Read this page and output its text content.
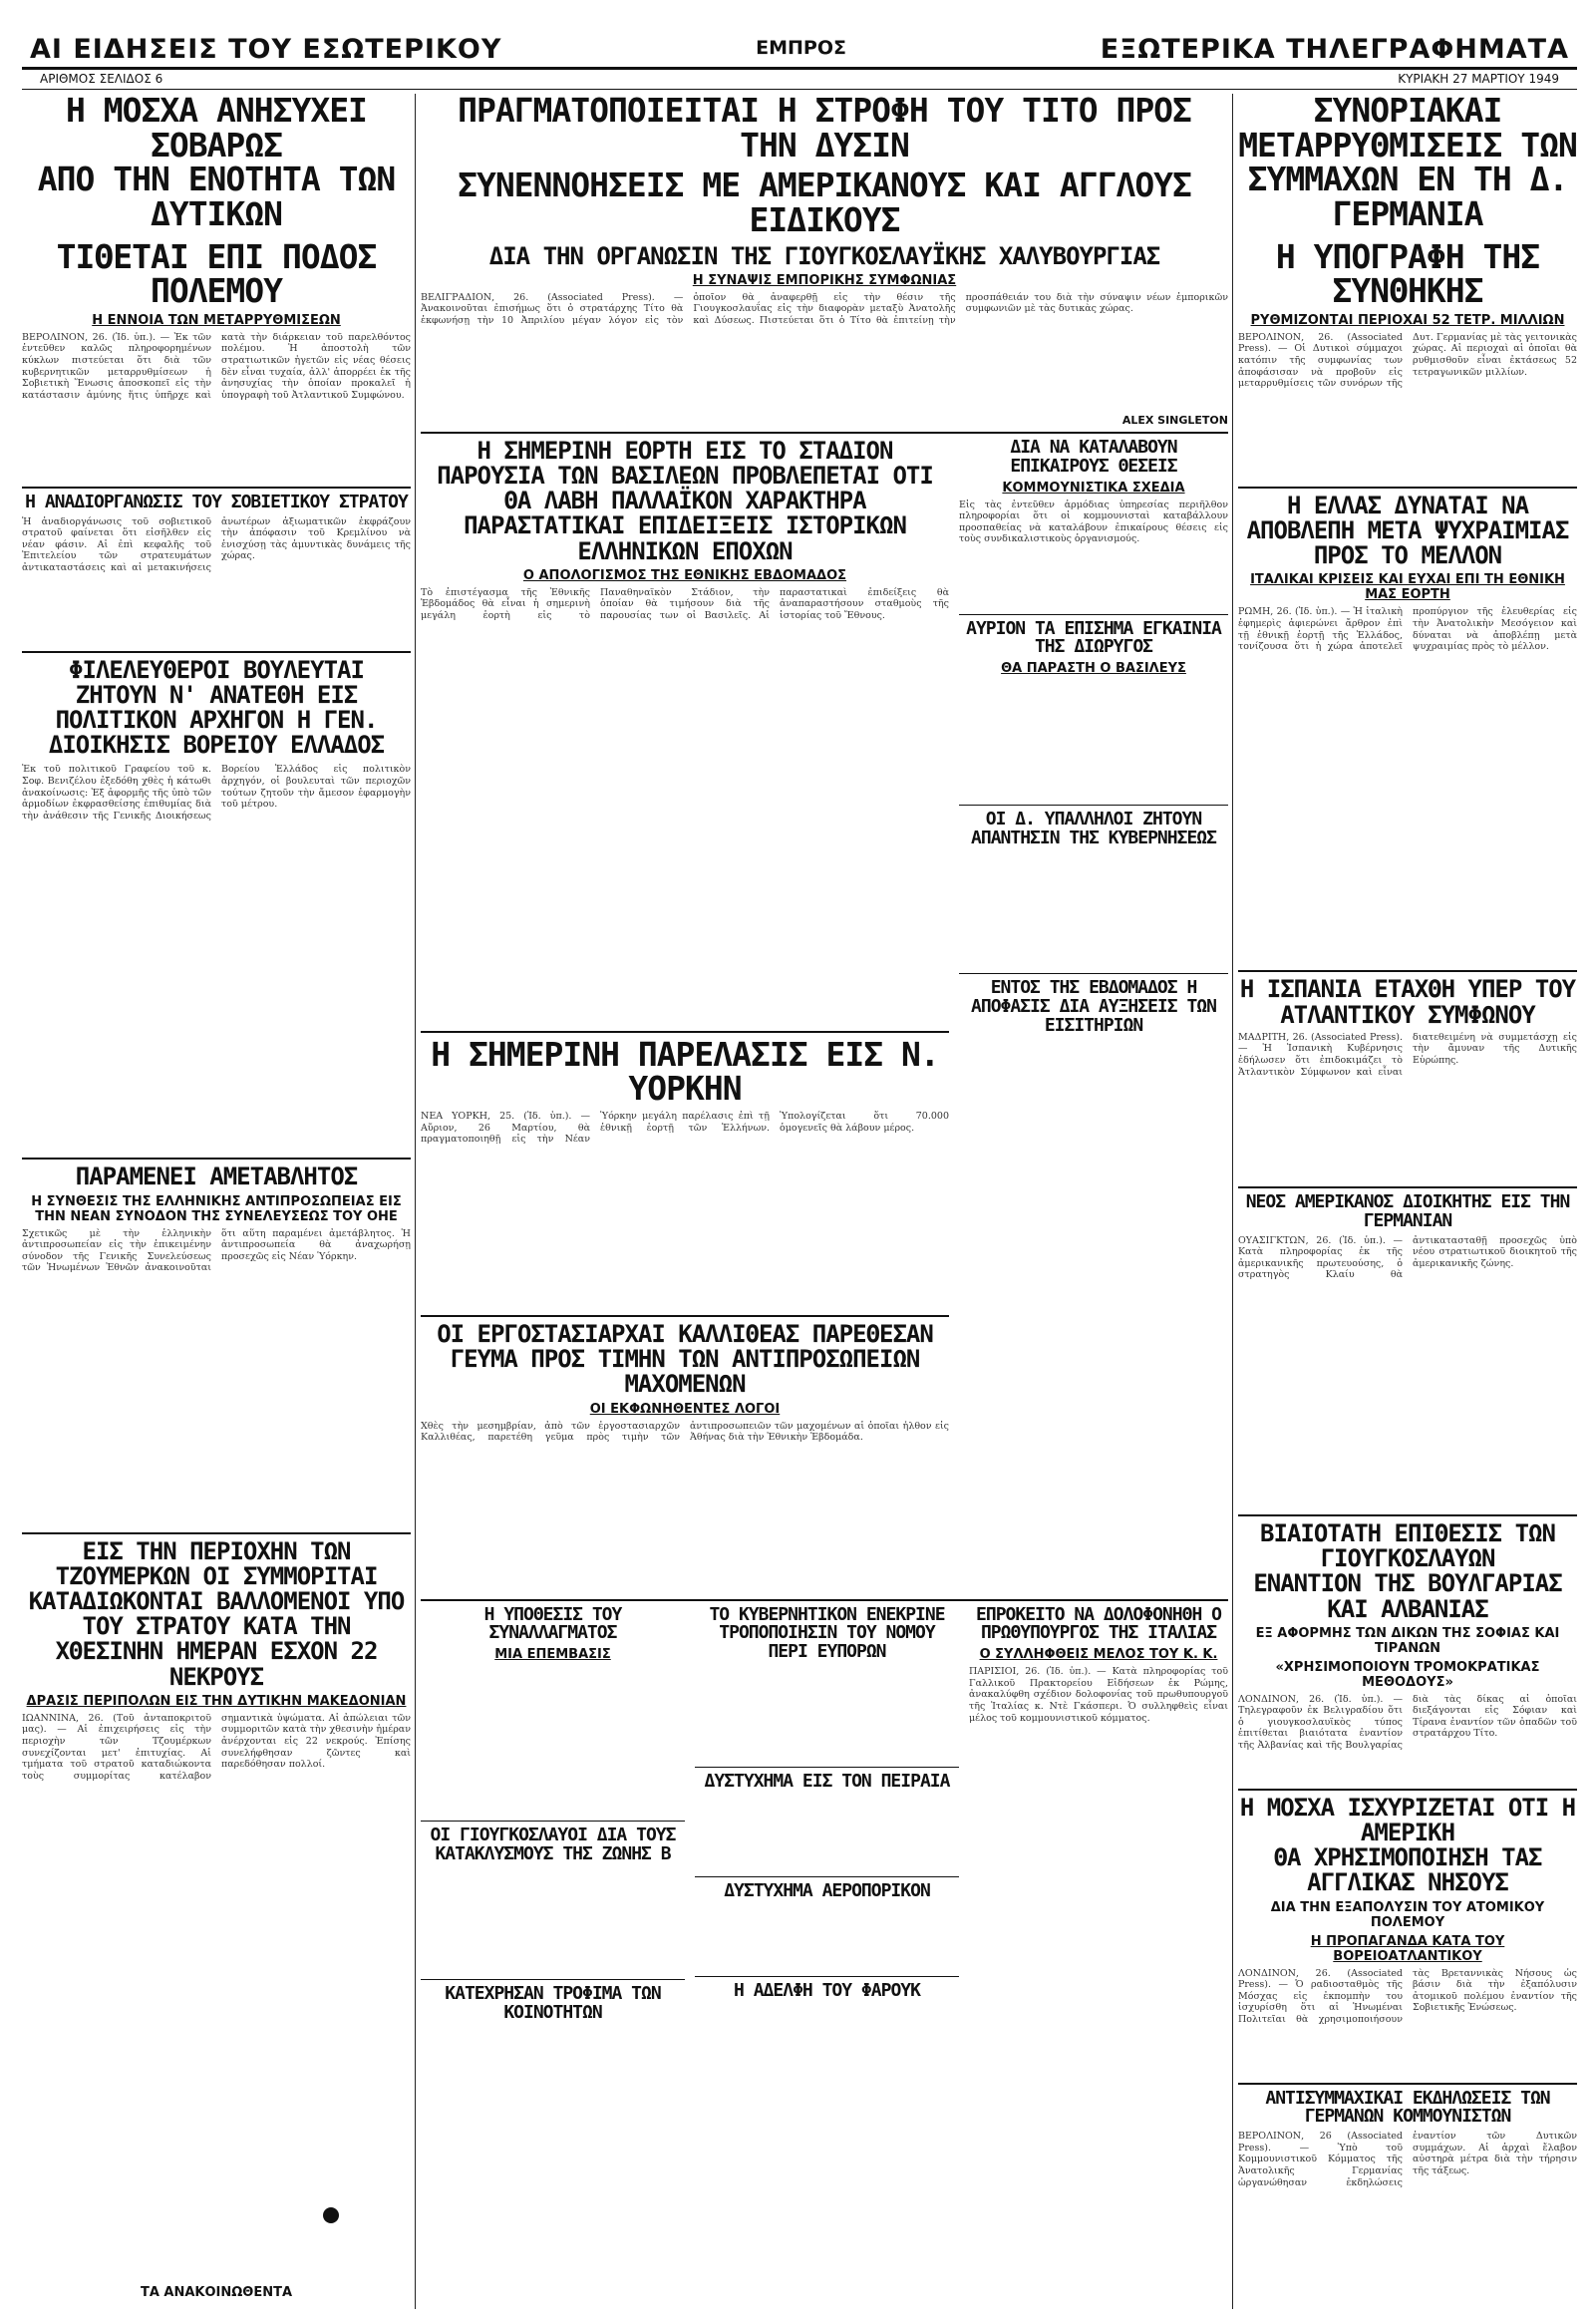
ΑΙ ΕΙΔΗΣΕΙΣ ΤΟΥ ΕΣΩΤΕΡΙΚΟΥ	ΕΜΠΡΟΣ	ΕΞΩΤΕΡΙΚΑ ΤΗΛΕΓΡΑΦΗΜΑΤΑ
ΑΡΙΘΜΟΣ ΣΕΛΙΔΟΣ 6	ΚΥΡΙΑΚΗ 27 ΜΑΡΤΙΟΥ 1949
Η ΜΟΣΧΑ ΑΝΗΣΥΧΕΙ ΣΟΒΑΡΩΣ
ΑΠΟ ΤΗΝ ΕΝΟΤΗΤΑ ΤΩΝ ΔΥΤΙΚΩΝ
ΤΙΘΕΤΑΙ ΕΠΙ ΠΟΔΟΣ ΠΟΛΕΜΟΥ
Η ΕΝΝΟΙΑ ΤΩΝ ΜΕΤΑΡΡΥΘΜΙΣΕΩΝ
ΒΕΡΟΛΙΝΟΝ, 26. (Ἰδ. ὑπ.). — Ἐκ τῶν ἐντεῦθεν καλῶς πληροφορημένων κύκλων πιστεύεται ὅτι διὰ τῶν κυβερνητικῶν μεταρρυθμίσεων ἡ Σοβιετικὴ Ἕνωσις ἀποσκοπεῖ εἰς τὴν κατάστασιν ἀμύνης ἥτις ὑπῆρχε καὶ κατὰ τὴν διάρκειαν τοῦ παρελθόντος πολέμου. Ἡ ἀποστολὴ τῶν στρατιωτικῶν ἡγετῶν εἰς νέας θέσεις δὲν εἶναι τυχαία, ἀλλ' ἀπορρέει ἐκ τῆς ἀνησυχίας τὴν ὁποίαν προκαλεῖ ἡ ὑπογραφὴ τοῦ Ἀτλαντικοῦ Συμφώνου.
Η ΑΝΑΔΙΟΡΓΑΝΩΣΙΣ ΤΟΥ ΣΟΒΙΕΤΙΚΟΥ ΣΤΡΑΤΟΥ
Ἡ ἀναδιοργάνωσις τοῦ σοβιετικοῦ στρατοῦ φαίνεται ὅτι εἰσῆλθεν εἰς νέαν φάσιν. Αἱ ἐπὶ κεφαλῆς τοῦ Ἐπιτελείου τῶν στρατευμάτων ἀντικαταστάσεις καὶ αἱ μετακινήσεις ἀνωτέρων ἀξιωματικῶν ἐκφράζουν τὴν ἀπόφασιν τοῦ Κρεμλίνου νὰ ἐνισχύσῃ τὰς ἀμυντικὰς δυνάμεις τῆς χώρας.
ΦΙΛΕΛΕΥΘΕΡΟΙ ΒΟΥΛΕΥΤΑΙ ΖΗΤΟΥΝ Ν' ΑΝΑΤΕΘΗ ΕΙΣ ΠΟΛΙΤΙΚΟΝ ΑΡΧΗΓΟΝ Η ΓΕΝ. ΔΙΟΙΚΗΣΙΣ ΒΟΡΕΙΟΥ ΕΛΛΑΔΟΣ
Ἐκ τοῦ πολιτικοῦ Γραφείου τοῦ κ. Σοφ. Βενιζέλου ἐξεδόθη χθὲς ἡ κάτωθι ἀνακοίνωσις: Ἐξ ἀφορμῆς τῆς ὑπὸ τῶν ἁρμοδίων ἐκφρασθείσης ἐπιθυμίας διὰ τὴν ἀνάθεσιν τῆς Γενικῆς Διοικήσεως Βορείου Ἑλλάδος εἰς πολιτικὸν ἀρχηγόν, οἱ βουλευταὶ τῶν περιοχῶν τούτων ζητοῦν τὴν ἄμεσον ἐφαρμογὴν τοῦ μέτρου.
ΠΑΡΑΜΕΝΕΙ ΑΜΕΤΑΒΛΗΤΟΣ
Η ΣΥΝΘΕΣΙΣ ΤΗΣ ΕΛΛΗΝΙΚΗΣ ΑΝΤΙΠΡΟΣΩΠΕΙΑΣ ΕΙΣ ΤΗΝ ΝΕΑΝ ΣΥΝΟΔΟΝ ΤΗΣ ΣΥΝΕΛΕΥΣΕΩΣ ΤΟΥ ΟΗΕ
Σχετικῶς μὲ τὴν ἑλληνικὴν ἀντιπροσωπείαν εἰς τὴν ἐπικειμένην σύνοδον τῆς Γενικῆς Συνελεύσεως τῶν Ἡνωμένων Ἐθνῶν ἀνακοινοῦται ὅτι αὕτη παραμένει ἀμετάβλητος. Ἡ ἀντιπροσωπεία θὰ ἀναχωρήσῃ προσεχῶς εἰς Νέαν Ὑόρκην.
ΕΙΣ ΤΗΝ ΠΕΡΙΟΧΗΝ ΤΩΝ ΤΖΟΥΜΕΡΚΩΝ ΟΙ ΣΥΜΜΟΡΙΤΑΙ ΚΑΤΑΔΙΩΚΟΝΤΑΙ ΒΑΛΛΟΜΕΝΟΙ ΥΠΟ ΤΟΥ ΣΤΡΑΤΟΥ ΚΑΤΑ ΤΗΝ ΧΘΕΣΙΝΗΝ ΗΜΕΡΑΝ ΕΣΧΟΝ 22 ΝΕΚΡΟΥΣ
ΔΡΑΣΙΣ ΠΕΡΙΠΟΛΩΝ ΕΙΣ ΤΗΝ ΔΥΤΙΚΗΝ ΜΑΚΕΔΟΝΙΑΝ
ΙΩΑΝΝΙΝΑ, 26. (Τοῦ ἀνταποκριτοῦ μας). — Αἱ ἐπιχειρήσεις εἰς τὴν περιοχὴν τῶν Τζουμέρκων συνεχίζονται μετ' ἐπιτυχίας. Αἱ τμήματα τοῦ στρατοῦ καταδιώκοντα τοὺς συμμορίτας κατέλαβον σημαντικὰ ὑψώματα. Αἱ ἀπώλειαι τῶν συμμοριτῶν κατὰ τὴν χθεσινὴν ἡμέραν ἀνέρχονται εἰς 22 νεκρούς. Ἐπίσης συνελήφθησαν ζῶντες καὶ παρεδόθησαν πολλοί.
ΤΑ ΑΝΑΚΟΙΝΩΘΕΝΤΑ
ΠΡΑΓΜΑΤΟΠΟΙΕΙΤΑΙ Η ΣΤΡΟΦΗ ΤΟΥ ΤΙΤΟ ΠΡΟΣ ΤΗΝ ΔΥΣΙΝ
ΣΥΝΕΝΝΟΗΣΕΙΣ ΜΕ ΑΜΕΡΙΚΑΝΟΥΣ ΚΑΙ ΑΓΓΛΟΥΣ ΕΙΔΙΚΟΥΣ
ΔΙΑ ΤΗΝ ΟΡΓΑΝΩΣΙΝ ΤΗΣ ΓΙΟΥΓΚΟΣΛΑΥΪΚΗΣ ΧΑΛΥΒΟΥΡΓΙΑΣ
Η ΣΥΝΑΨΙΣ ΕΜΠΟΡΙΚΗΣ ΣΥΜΦΩΝΙΑΣ
ΒΕΛΙΓΡΑΔΙΟΝ, 26. (Associated Press). — Ἀνακοινοῦται ἐπισήμως ὅτι ὁ στρατάρχης Τίτο θὰ ἐκφωνήσῃ τὴν 10 Ἀπριλίου μέγαν λόγον εἰς τὸν ὁποῖον θὰ ἀναφερθῇ εἰς τὴν θέσιν τῆς Γιουγκοσλαυΐας εἰς τὴν διαφορὰν μεταξὺ Ἀνατολῆς καὶ Δύσεως. Πιστεύεται ὅτι ὁ Τίτο θὰ ἐπιτείνῃ τὴν προσπάθειάν του διὰ τὴν σύναψιν νέων ἐμπορικῶν συμφωνιῶν μὲ τὰς δυτικὰς χώρας.
ALEX SINGLETON
Η ΣΗΜΕΡΙΝΗ ΕΟΡΤΗ ΕΙΣ ΤΟ ΣΤΑΔΙΟΝ ΠΑΡΟΥΣΙΑ ΤΩΝ ΒΑΣΙΛΕΩΝ ΠΡΟΒΛΕΠΕΤΑΙ ΟΤΙ ΘΑ ΛΑΒΗ ΠΑΛΛΑΪΚΟΝ ΧΑΡΑΚΤΗΡΑ ΠΑΡΑΣΤΑΤΙΚΑΙ ΕΠΙΔΕΙΞΕΙΣ ΙΣΤΟΡΙΚΩΝ ΕΛΛΗΝΙΚΩΝ ΕΠΟΧΩΝ
Ο ΑΠΟΛΟΓΙΣΜΟΣ ΤΗΣ ΕΘΝΙΚΗΣ ΕΒΔΟΜΑΔΟΣ
Τὸ ἑπιστέγασμα τῆς Ἐθνικῆς Ἑβδομάδος θὰ εἶναι ἡ σημερινὴ μεγάλη ἑορτὴ εἰς τὸ Παναθηναϊκὸν Στάδιον, τὴν ὁποίαν θὰ τιμήσουν διὰ τῆς παρουσίας των οἱ Βασιλεῖς. Αἱ παραστατικαὶ ἐπιδείξεις θὰ ἀναπαραστήσουν σταθμοὺς τῆς ἱστορίας τοῦ Ἔθνους.
Η ΣΗΜΕΡΙΝΗ ΠΑΡΕΛΑΣΙΣ ΕΙΣ Ν. ΥΟΡΚΗΝ
ΝΕΑ ΥΟΡΚΗ, 25. (Ἰδ. ὑπ.). — Αὔριον, 26 Μαρτίου, θὰ πραγματοποιηθῇ εἰς τὴν Νέαν Ὑόρκην μεγάλη παρέλασις ἐπὶ τῇ ἐθνικῇ ἑορτῇ τῶν Ἑλλήνων. Ὑπολογίζεται ὅτι 70.000 ὁμογενεῖς θὰ λάβουν μέρος.
ΟΙ ΕΡΓΟΣΤΑΣΙΑΡΧΑΙ ΚΑΛΛΙΘΕΑΣ ΠΑΡΕΘΕΣΑΝ ΓΕΥΜΑ ΠΡΟΣ ΤΙΜΗΝ ΤΩΝ ΑΝΤΙΠΡΟΣΩΠΕΙΩΝ ΜΑΧΟΜΕΝΩΝ
ΟΙ ΕΚΦΩΝΗΘΕΝΤΕΣ ΛΟΓΟΙ
Χθὲς τὴν μεσημβρίαν, ἀπὸ τῶν ἐργοστασιαρχῶν Καλλιθέας, παρετέθη γεῦμα πρὸς τιμὴν τῶν ἀντιπροσωπειῶν τῶν μαχομένων αἱ ὁποῖαι ἦλθον εἰς Ἀθήνας διὰ τὴν Ἐθνικὴν Ἑβδομάδα.
ΔΙΑ ΝΑ ΚΑΤΑΛΑΒΟΥΝ ΕΠΙΚΑΙΡΟΥΣ ΘΕΣΕΙΣ
ΚΟΜΜΟΥΝΙΣΤΙΚΑ ΣΧΕΔΙΑ
Εἰς τὰς ἐντεῦθεν ἀρμόδιας ὑπηρεσίας περιῆλθον πληροφορίαι ὅτι οἱ κομμουνισταὶ καταβάλλουν προσπαθείας νὰ καταλάβουν ἐπικαίρους θέσεις εἰς τοὺς συνδικαλιστικοὺς ὀργανισμούς.
ΑΥΡΙΟΝ ΤΑ ΕΠΙΣΗΜΑ ΕΓΚΑΙΝΙΑ ΤΗΣ ΔΙΩΡΥΓΟΣ
ΘΑ ΠΑΡΑΣΤΗ Ο ΒΑΣΙΛΕΥΣ
ΟΙ Δ. ΥΠΑΛΛΗΛΟΙ ΖΗΤΟΥΝ ΑΠΑΝΤΗΣΙΝ ΤΗΣ ΚΥΒΕΡΝΗΣΕΩΣ
ΕΝΤΟΣ ΤΗΣ ΕΒΔΟΜΑΔΟΣ Η ΑΠΟΦΑΣΙΣ ΔΙΑ ΑΥΞΗΣΕΙΣ ΤΩΝ ΕΙΣΙΤΗΡΙΩΝ
Η ΥΠΟΘΕΣΙΣ ΤΟΥ ΣΥΝΑΛΛΑΓΜΑΤΟΣ
ΜΙΑ ΕΠΕΜΒΑΣΙΣ
ΟΙ ΓΙΟΥΓΚΟΣΛΑΥΟΙ ΔΙΑ ΤΟΥΣ ΚΑΤΑΚΛΥΣΜΟΥΣ ΤΗΣ ΖΩΝΗΣ Β
ΚΑΤΕΧΡΗΣΑΝ ΤΡΟΦΙΜΑ ΤΩΝ ΚΟΙΝΟΤΗΤΩΝ
ΤΟ ΚΥΒΕΡΝΗΤΙΚΟΝ ΕΝΕΚΡΙΝΕ ΤΡΟΠΟΠΟΙΗΣΙΝ ΤΟΥ ΝΟΜΟΥ ΠΕΡΙ ΕΥΠΟΡΩΝ
ΔΥΣΤΥΧΗΜΑ ΕΙΣ ΤΟΝ ΠΕΙΡΑΙΑ
ΔΥΣΤΥΧΗΜΑ ΑΕΡΟΠΟΡΙΚΟΝ
Η ΑΔΕΛΦΗ ΤΟΥ ΦΑΡΟΥΚ
ΕΠΡΟΚΕΙΤΟ ΝΑ ΔΟΛΟΦΟΝΗΘΗ Ο ΠΡΩΘΥΠΟΥΡΓΟΣ ΤΗΣ ΙΤΑΛΙΑΣ
Ο ΣΥΛΛΗΦΘΕΙΣ ΜΕΛΟΣ ΤΟΥ Κ. Κ.
ΠΑΡΙΣΙΟΙ, 26. (Ἰδ. ὑπ.). — Κατὰ πληροφορίας τοῦ Γαλλικοῦ Πρακτορείου Εἰδήσεων ἐκ Ρώμης, ἀνακαλύφθη σχέδιον δολοφονίας τοῦ πρωθυπουργοῦ τῆς Ἰταλίας κ. Ντὲ Γκάσπερι. Ὁ συλληφθεὶς εἶναι μέλος τοῦ κομμουνιστικοῦ κόμματος.
ΣΥΝΟΡΙΑΚΑΙ ΜΕΤΑΡΡΥΘΜΙΣΕΙΣ ΤΩΝ ΣΥΜΜΑΧΩΝ ΕΝ ΤΗ Δ. ΓΕΡΜΑΝΙΑ
Η ΥΠΟΓΡΑΦΗ ΤΗΣ ΣΥΝΘΗΚΗΣ
ΡΥΘΜΙΖΟΝΤΑΙ ΠΕΡΙΟΧΑΙ 52 ΤΕΤΡ. ΜΙΛΛΙΩΝ
ΒΕΡΟΛΙΝΟΝ, 26. (Associated Press). — Οἱ Δυτικοὶ σύμμαχοι κατόπιν τῆς συμφωνίας των ἀποφάσισαν νὰ προβοῦν εἰς μεταρρυθμίσεις τῶν συνόρων τῆς Δυτ. Γερμανίας μὲ τὰς γειτονικὰς χώρας. Αἱ περιοχαὶ αἱ ὁποῖαι θὰ ρυθμισθοῦν εἶναι ἐκτάσεως 52 τετραγωνικῶν μιλλίων.
Η ΕΛΛΑΣ ΔΥΝΑΤΑΙ ΝΑ ΑΠΟΒΛΕΠΗ ΜΕΤΑ ΨΥΧΡΑΙΜΙΑΣ ΠΡΟΣ ΤΟ ΜΕΛΛΟΝ
ΙΤΑΛΙΚΑΙ ΚΡΙΣΕΙΣ ΚΑΙ ΕΥΧΑΙ ΕΠΙ ΤΗ ΕΘΝΙΚΗ ΜΑΣ ΕΟΡΤΗ
ΡΩΜΗ, 26. (Ἰδ. ὑπ.). — Ἡ ἰταλικὴ ἐφημερὶς ἀφιερώνει ἄρθρον ἐπὶ τῇ ἐθνικῇ ἑορτῇ τῆς Ἑλλάδος, τονίζουσα ὅτι ἡ χώρα ἀποτελεῖ προπύργιον τῆς ἐλευθερίας εἰς τὴν Ἀνατολικὴν Μεσόγειον καὶ δύναται νὰ ἀποβλέπῃ μετὰ ψυχραιμίας πρὸς τὸ μέλλον.
Η ΙΣΠΑΝΙΑ ΕΤΑΧΘΗ ΥΠΕΡ ΤΟΥ ΑΤΛΑΝΤΙΚΟΥ ΣΥΜΦΩΝΟΥ
ΜΑΔΡΙΤΗ, 26. (Associated Press). — Ἡ Ἰσπανικὴ Κυβέρνησις ἐδήλωσεν ὅτι ἐπιδοκιμάζει τὸ Ἀτλαντικὸν Σύμφωνον καὶ εἶναι διατεθειμένη νὰ συμμετάσχῃ εἰς τὴν ἄμυναν τῆς Δυτικῆς Εὐρώπης.
ΝΕΟΣ ΑΜΕΡΙΚΑΝΟΣ ΔΙΟΙΚΗΤΗΣ ΕΙΣ ΤΗΝ ΓΕΡΜΑΝΙΑΝ
ΟΥΑΣΙΓΚΤΩΝ, 26. (Ἰδ. ὑπ.). — Κατὰ πληροφορίας ἐκ τῆς ἀμερικανικῆς πρωτευούσης, ὁ στρατηγὸς Κλαίυ θὰ ἀντικατασταθῇ προσεχῶς ὑπὸ νέου στρατιωτικοῦ διοικητοῦ τῆς ἀμερικανικῆς ζώνης.
ΒΙΑΙΟΤΑΤΗ ΕΠΙΘΕΣΙΣ ΤΩΝ ΓΙΟΥΓΚΟΣΛΑΥΩΝ
ΕΝΑΝΤΙΟΝ ΤΗΣ ΒΟΥΛΓΑΡΙΑΣ ΚΑΙ ΑΛΒΑΝΙΑΣ
ΕΞ ΑΦΟΡΜΗΣ ΤΩΝ ΔΙΚΩΝ ΤΗΣ ΣΟΦΙΑΣ ΚΑΙ ΤΙΡΑΝΩΝ
«ΧΡΗΣΙΜΟΠΟΙΟΥΝ ΤΡΟΜΟΚΡΑΤΙΚΑΣ ΜΕΘΟΔΟΥΣ»
ΛΟΝΔΙΝΟΝ, 26. (Ἰδ. ὑπ.). — Τηλεγραφοῦν ἐκ Βελιγραδίου ὅτι ὁ γιουγκοσλαυϊκὸς τύπος ἐπιτίθεται βιαιότατα ἐναντίον τῆς Ἀλβανίας καὶ τῆς Βουλγαρίας διὰ τὰς δίκας αἱ ὁποῖαι διεξάγονται εἰς Σόφιαν καὶ Τίρανα ἐναντίον τῶν ὀπαδῶν τοῦ στρατάρχου Τίτο.
Η ΜΟΣΧΑ ΙΣΧΥΡΙΖΕΤΑΙ ΟΤΙ Η ΑΜΕΡΙΚΗ
ΘΑ ΧΡΗΣΙΜΟΠΟΙΗΣΗ ΤΑΣ ΑΓΓΛΙΚΑΣ ΝΗΣΟΥΣ
ΔΙΑ ΤΗΝ ΕΞΑΠΟΛΥΣΙΝ ΤΟΥ ΑΤΟΜΙΚΟΥ ΠΟΛΕΜΟΥ
Η ΠΡΟΠΑΓΑΝΔΑ ΚΑΤΑ ΤΟΥ ΒΟΡΕΙΟΑΤΛΑΝΤΙΚΟΥ
ΛΟΝΔΙΝΟΝ, 26. (Associated Press). — Ὁ ραδιοσταθμὸς τῆς Μόσχας εἰς ἐκπομπὴν του ἰσχυρίσθη ὅτι αἱ Ἡνωμέναι Πολιτεῖαι θὰ χρησιμοποιήσουν τὰς Βρεταννικὰς Νήσους ὡς βάσιν διὰ τὴν ἐξαπόλυσιν ἀτομικοῦ πολέμου ἐναντίον τῆς Σοβιετικῆς Ἑνώσεως.
ΑΝΤΙΣΥΜΜΑΧΙΚΑΙ ΕΚΔΗΛΩΣΕΙΣ ΤΩΝ ΓΕΡΜΑΝΩΝ ΚΟΜΜΟΥΝΙΣΤΩΝ
ΒΕΡΟΛΙΝΟΝ, 26 (Associated Press). — Ὑπὸ τοῦ Κομμουνιστικοῦ Κόμματος τῆς Ἀνατολικῆς Γερμανίας ὠργανώθησαν ἐκδηλώσεις ἐναντίον τῶν Δυτικῶν συμμάχων. Αἱ ἀρχαὶ ἔλαβον αὐστηρὰ μέτρα διὰ τὴν τήρησιν τῆς τάξεως.
